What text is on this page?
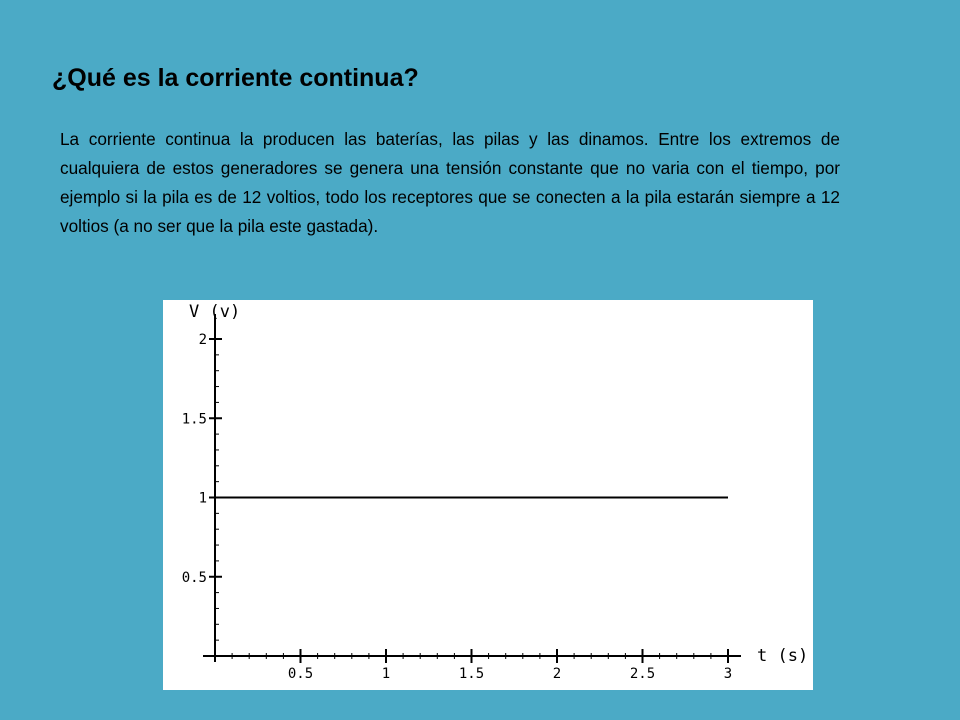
¿Qué es la corriente continua?

La corriente continua la producen las baterías, las pilas y las dinamos. Entre los extremos de cualquiera de estos generadores se genera una tensión constante que no varia con el tiempo, por ejemplo si la pila es de 12 voltios, todo los receptores que se conecten a la pila estarán siempre a 12 voltios (a no ser que la pila este gastada).

0.5	1	1.5	2	2.5	3
0.5
1
1.5
2
V (v)
t (s)
